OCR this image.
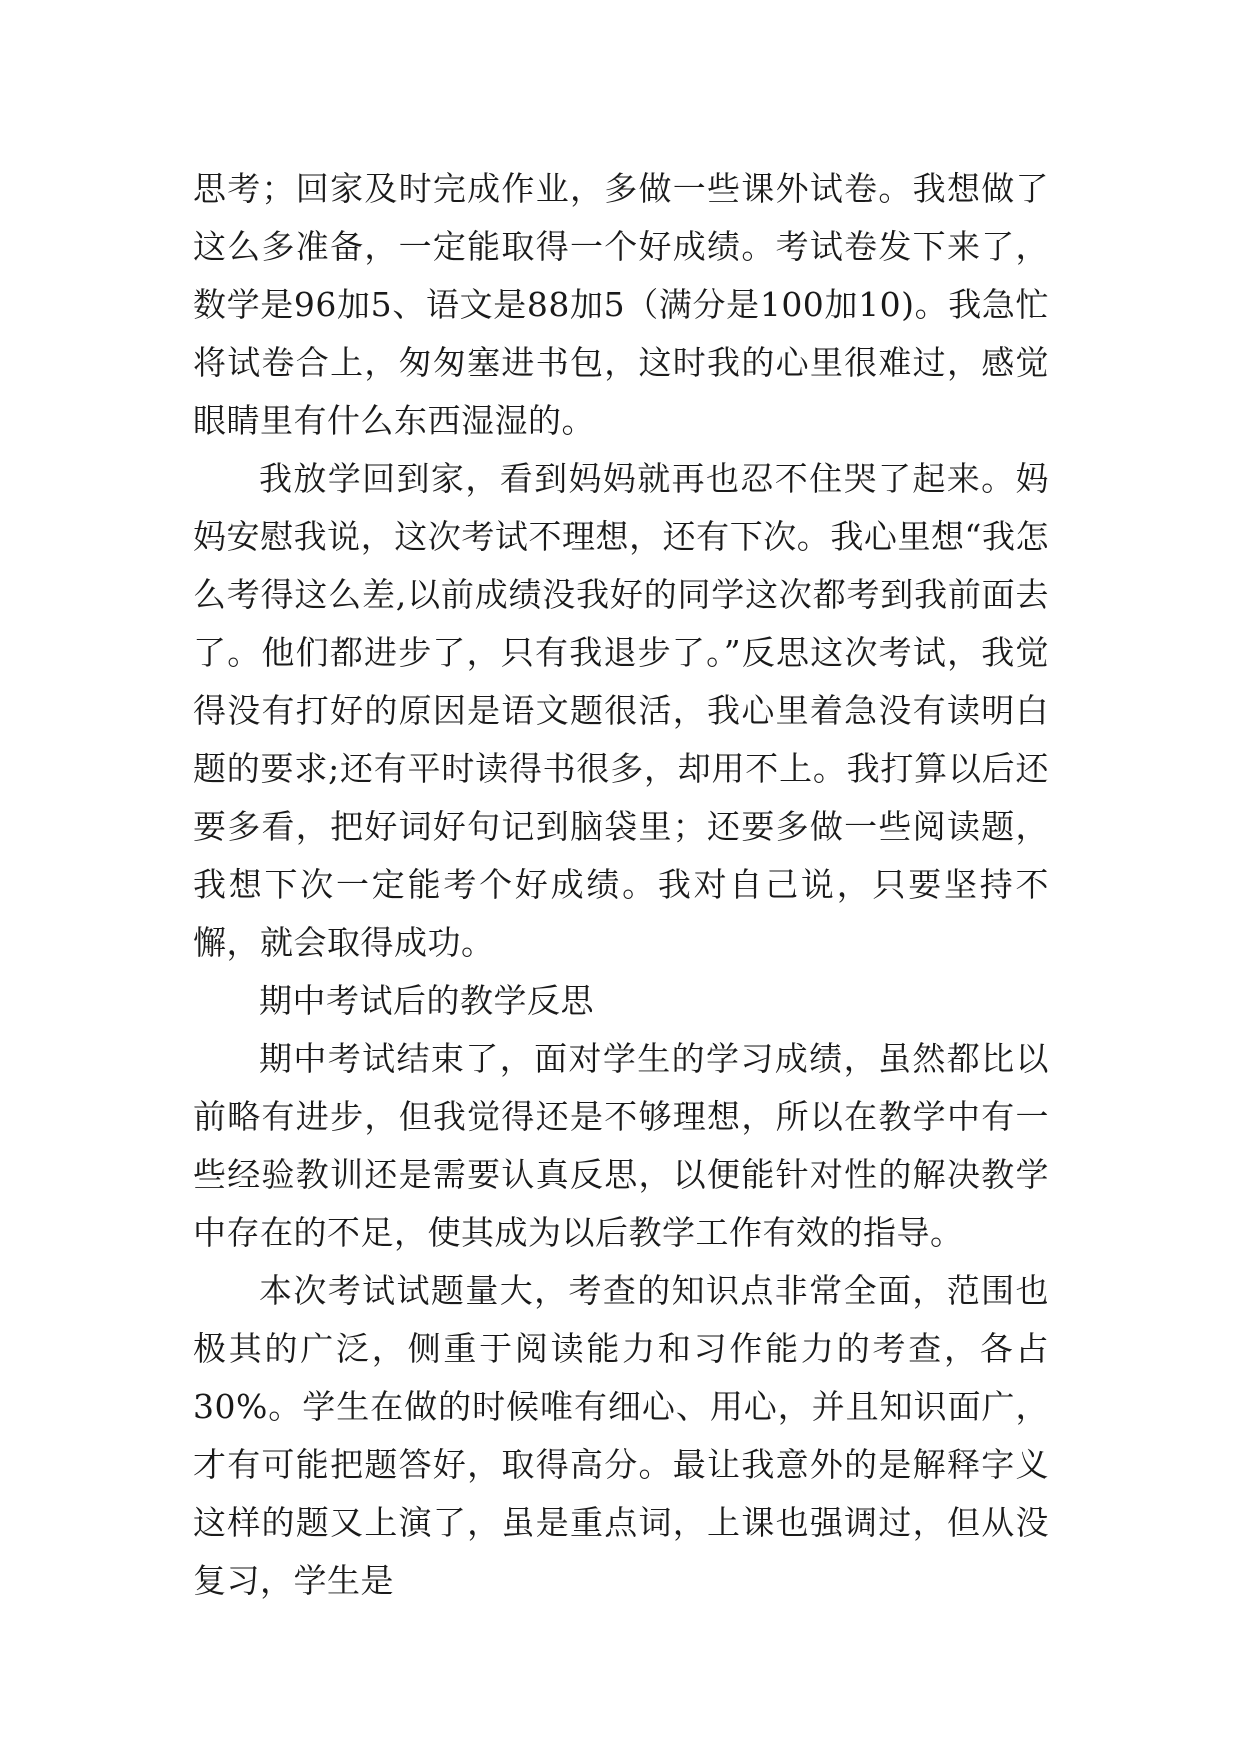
思考；回家及时完成作业，多做一些课外试卷。我想做了这么多准备，一定能取得一个好成绩。考试卷发下来了，数学是96加5、语文是88加5（满分是100加10)。我急忙将试卷合上，匆匆塞进书包，这时我的心里很难过，感觉眼睛里有什么东西湿湿的。

我放学回到家，看到妈妈就再也忍不住哭了起来。妈妈安慰我说，这次考试不理想，还有下次。我心里想“我怎么考得这么差,以前成绩没我好的同学这次都考到我前面去了。他们都进步了，只有我退步了。”反思这次考试，我觉得没有打好的原因是语文题很活，我心里着急没有读明白题的要求;还有平时读得书很多，却用不上。我打算以后还要多看，把好词好句记到脑袋里；还要多做一些阅读题，我想下次一定能考个好成绩。我对自己说，只要坚持不懈，就会取得成功。

期中考试后的教学反思

期中考试结束了，面对学生的学习成绩，虽然都比以前略有进步，但我觉得还是不够理想，所以在教学中有一些经验教训还是需要认真反思，以便能针对性的解决教学中存在的不足，使其成为以后教学工作有效的指导。

本次考试试题量大，考查的知识点非常全面，范围也极其的广泛，侧重于阅读能力和习作能力的考查，各占30%。学生在做的时候唯有细心、用心，并且知识面广，才有可能把题答好，取得高分。最让我意外的是解释字义这样的题又上演了，虽是重点词，上课也强调过，但从没复习，学生是
